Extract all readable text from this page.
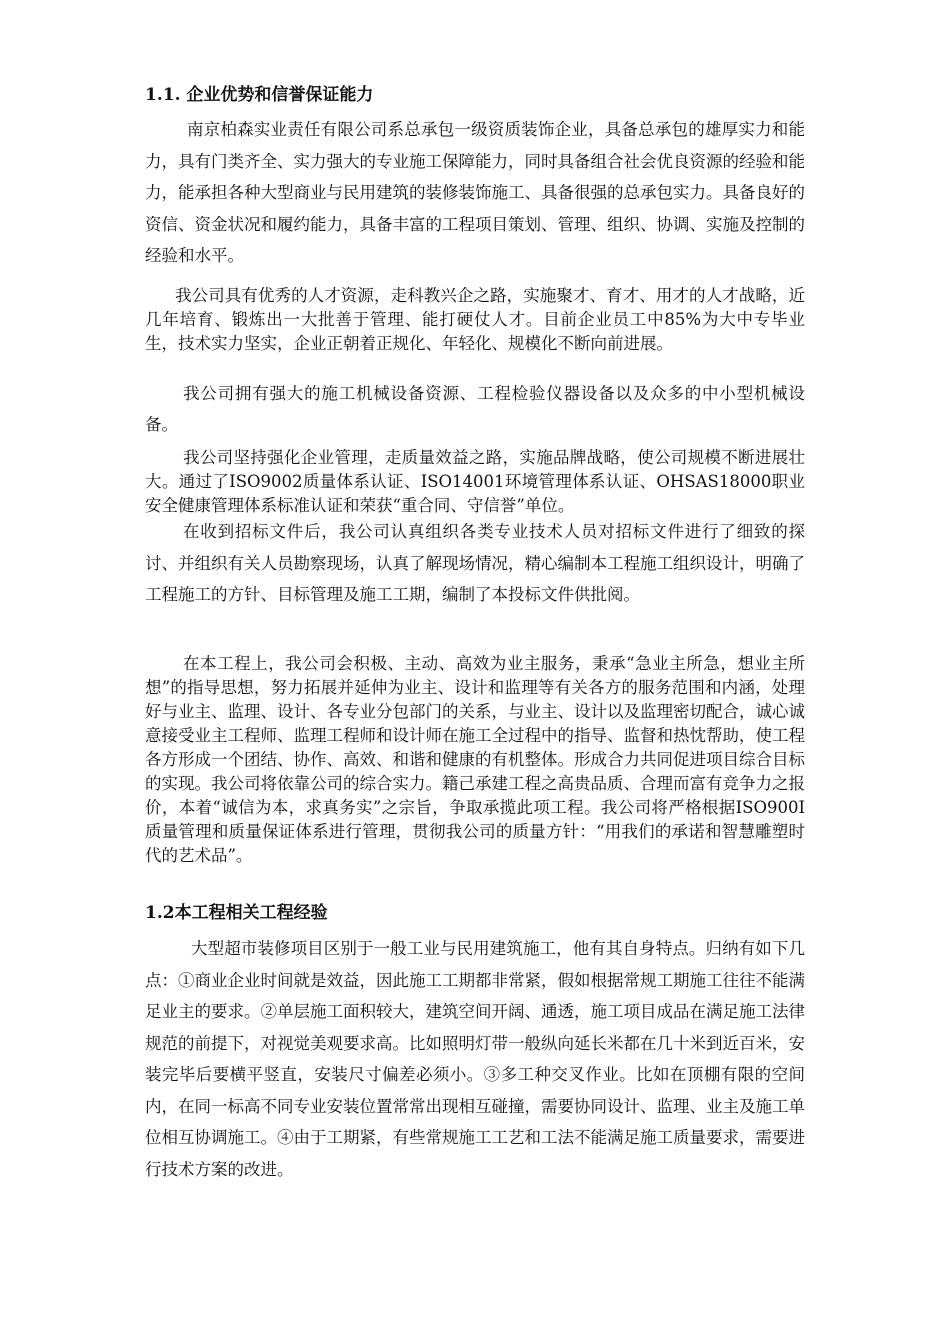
1.1. 企业优势和信誉保证能力

南京柏森实业责任有限公司系总承包一级资质装饰企业，具备总承包的雄厚实力和能力，具有门类齐全、实力强大的专业施工保障能力，同时具备组合社会优良资源的经验和能力，能承担各种大型商业与民用建筑的装修装饰施工、具备很强的总承包实力。具备良好的资信、资金状况和履约能力，具备丰富的工程项目策划、管理、组织、协调、实施及控制的经验和水平。

我公司具有优秀的人才资源，走科教兴企之路，实施聚才、育才、用才的人才战略，近几年培育、锻炼出一大批善于管理、能打硬仗人才。目前企业员工中85%为大中专毕业生，技术实力坚实，企业正朝着正规化、年轻化、规模化不断向前进展。

我公司拥有强大的施工机械设备资源、工程检验仪器设备以及众多的中小型机械设备。

我公司坚持强化企业管理，走质量效益之路，实施品牌战略，使公司规模不断进展壮大。通过了ISO9002质量体系认证、ISO14001环境管理体系认证、OHSAS18000职业安全健康管理体系标准认证和荣获“重合同、守信誉”单位。

在收到招标文件后，我公司认真组织各类专业技术人员对招标文件进行了细致的探讨、并组织有关人员勘察现场，认真了解现场情况，精心编制本工程施工组织设计，明确了工程施工的方针、目标管理及施工工期，编制了本投标文件供批阅。

在本工程上，我公司会积极、主动、高效为业主服务，秉承“急业主所急，想业主所想”的指导思想，努力拓展并延伸为业主、设计和监理等有关各方的服务范围和内涵，处理好与业主、监理、设计、各专业分包部门的关系，与业主、设计以及监理密切配合，诚心诚意接受业主工程师、监理工程师和设计师在施工全过程中的指导、监督和热忱帮助，使工程各方形成一个团结、协作、高效、和谐和健康的有机整体。形成合力共同促进项目综合目标的实现。我公司将依靠公司的综合实力。籍己承建工程之高贵品质、合理而富有竞争力之报价，本着“诚信为本，求真务实”之宗旨，争取承揽此项工程。我公司将严格根据ISO900I质量管理和质量保证体系进行管理，贯彻我公司的质量方针：“用我们的承诺和智慧雕塑时代的艺术品”。

1.2本工程相关工程经验

大型超市装修项目区别于一般工业与民用建筑施工，他有其自身特点。归纳有如下几点：①商业企业时间就是效益，因此施工工期都非常紧，假如根据常规工期施工往往不能满足业主的要求。②单层施工面积较大，建筑空间开阔、通透，施工项目成品在满足施工法律规范的前提下，对视觉美观要求高。比如照明灯带一般纵向延长米都在几十米到近百米，安装完毕后要横平竖直，安装尺寸偏差必须小。③多工种交叉作业。比如在顶棚有限的空间内，在同一标高不同专业安装位置常常出现相互碰撞，需要协同设计、监理、业主及施工单位相互协调施工。④由于工期紧，有些常规施工工艺和工法不能满足施工质量要求，需要进行技术方案的改进。
